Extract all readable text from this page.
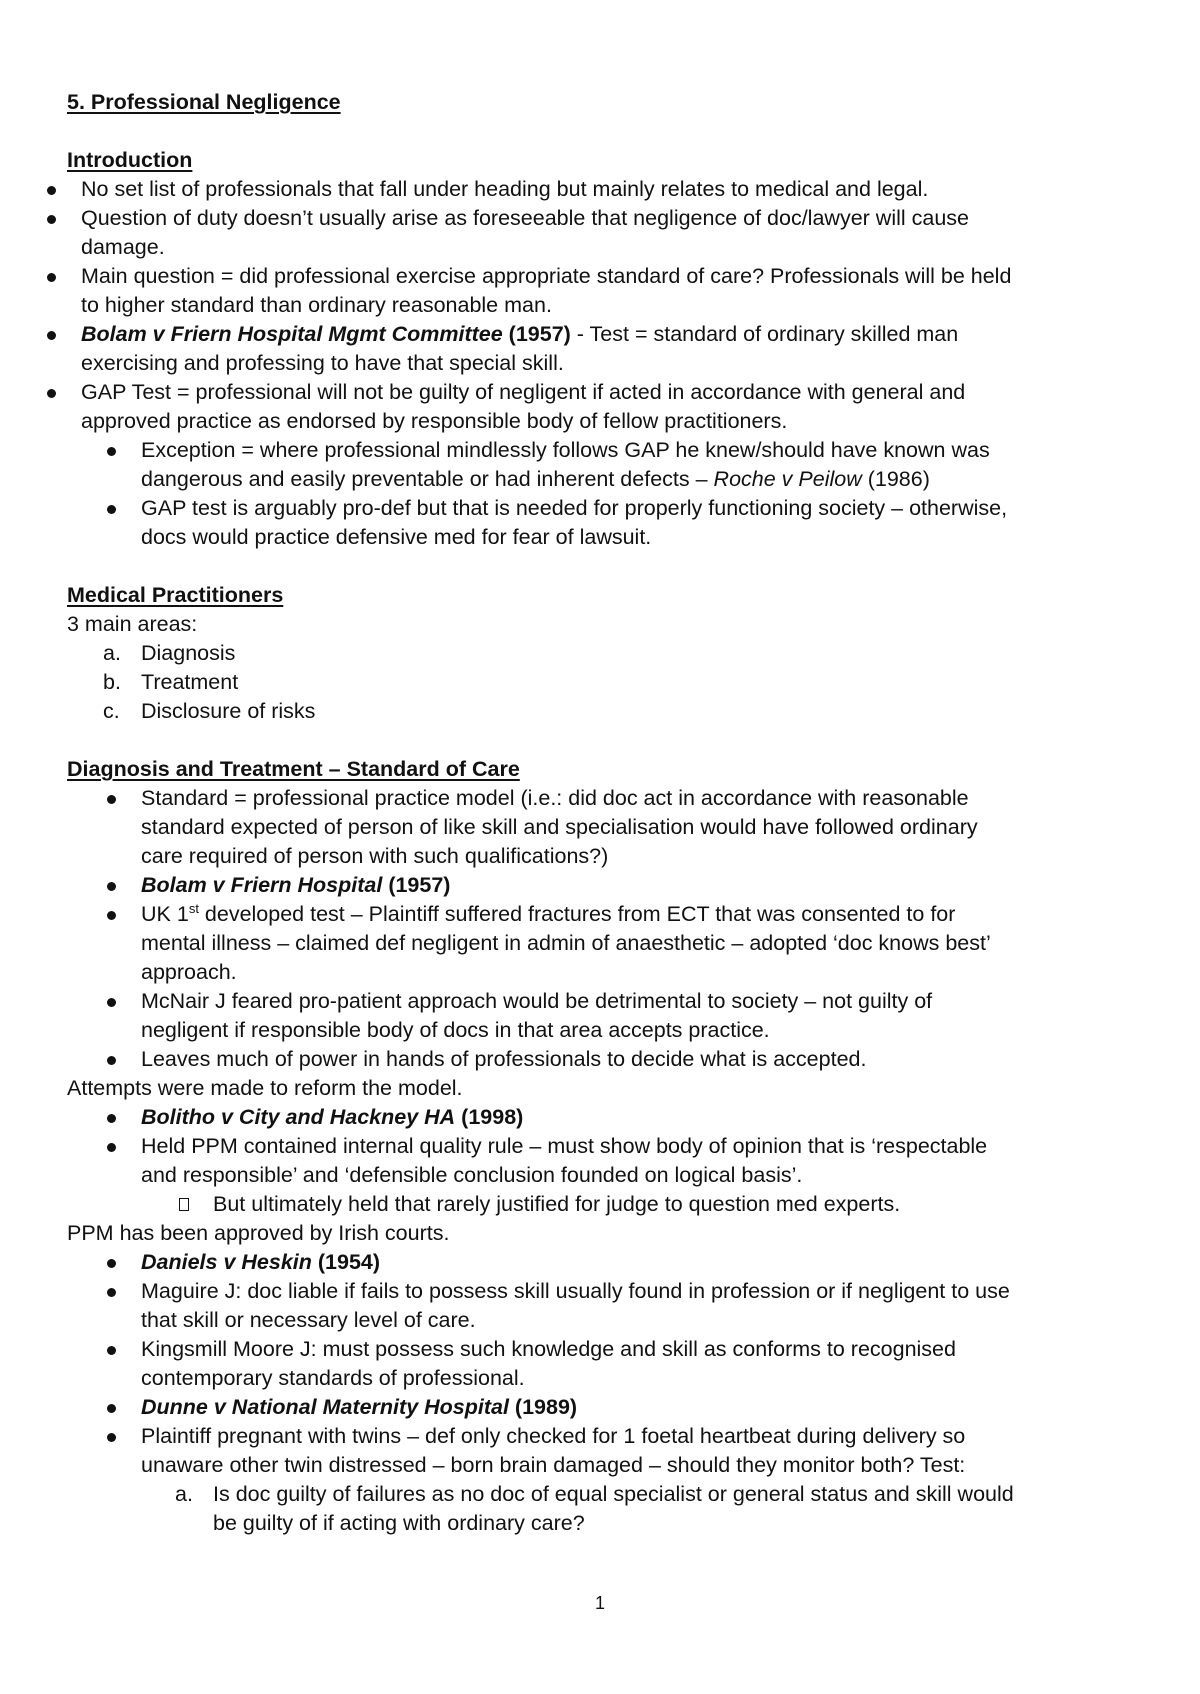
5. Professional Negligence
Introduction
No set list of professionals that fall under heading but mainly relates to medical and legal.
Question of duty doesn’t usually arise as foreseeable that negligence of doc/lawyer will cause
damage.
Main question = did professional exercise appropriate standard of care? Professionals will be held
to higher standard than ordinary reasonable man.
Bolam v Friern Hospital Mgmt Committee (1957) - Test = standard of ordinary skilled man
exercising and professing to have that special skill.
GAP Test = professional will not be guilty of negligent if acted in accordance with general and
approved practice as endorsed by responsible body of fellow practitioners.
Exception = where professional mindlessly follows GAP he knew/should have known was
dangerous and easily preventable or had inherent defects – Roche v Peilow (1986)
GAP test is arguably pro-def but that is needed for properly functioning society – otherwise,
docs would practice defensive med for fear of lawsuit.
Medical Practitioners
3 main areas:
a. Diagnosis
b. Treatment
c. Disclosure of risks
Diagnosis and Treatment – Standard of Care
Standard = professional practice model (i.e.: did doc act in accordance with reasonable
standard expected of person of like skill and specialisation would have followed ordinary
care required of person with such qualifications?)
Bolam v Friern Hospital (1957)
UK 1st developed test – Plaintiff suffered fractures from ECT that was consented to for
mental illness – claimed def negligent in admin of anaesthetic – adopted ‘doc knows best’
approach.
McNair J feared pro-patient approach would be detrimental to society – not guilty of
negligent if responsible body of docs in that area accepts practice.
Leaves much of power in hands of professionals to decide what is accepted.
Attempts were made to reform the model.
Bolitho v City and Hackney HA (1998)
Held PPM contained internal quality rule – must show body of opinion that is ‘respectable
and responsible’ and ‘defensible conclusion founded on logical basis’.
But ultimately held that rarely justified for judge to question med experts.
PPM has been approved by Irish courts.
Daniels v Heskin (1954)
Maguire J: doc liable if fails to possess skill usually found in profession or if negligent to use
that skill or necessary level of care.
Kingsmill Moore J: must possess such knowledge and skill as conforms to recognised
contemporary standards of professional.
Dunne v National Maternity Hospital (1989)
Plaintiff pregnant with twins – def only checked for 1 foetal heartbeat during delivery so
unaware other twin distressed – born brain damaged – should they monitor both? Test:
a. Is doc guilty of failures as no doc of equal specialist or general status and skill would
be guilty of if acting with ordinary care?
1
